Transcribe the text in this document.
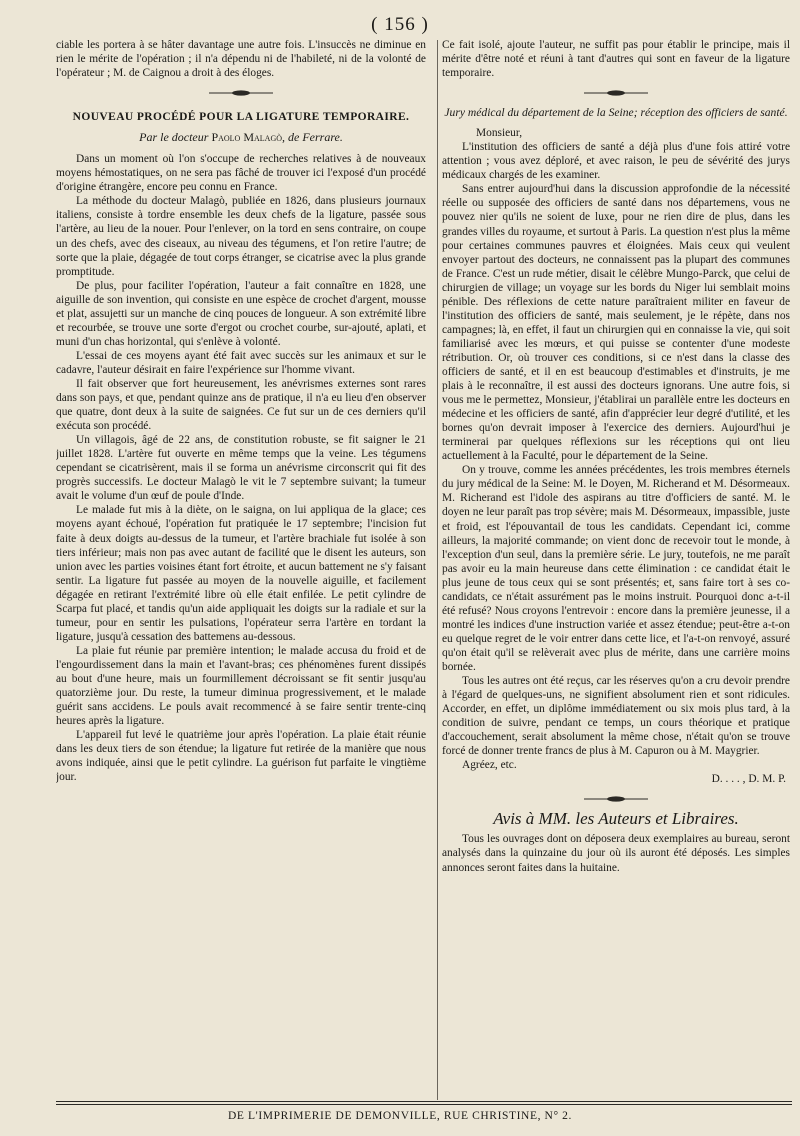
( 156 )

ciable les portera à se hâter davantage une autre fois. L'insuccès ne diminue en rien le mérite de l'opération ; il n'a dépendu ni de l'habileté, ni de la volonté de l'opérateur ; M. de Caignou a droit à des éloges.

NOUVEAU PROCÉDÉ POUR LA LIGATURE TEMPORAIRE.
Par le docteur Paolo Malagò, de Ferrare.

Dans un moment où l'on s'occupe de recherches relatives à de nouveaux moyens hémostatiques, on ne sera pas fâché de trouver ici l'exposé d'un procédé d'origine étrangère, encore peu connu en France.

La méthode du docteur Malagò, publiée en 1826, dans plusieurs journaux italiens, consiste à tordre ensemble les deux chefs de la ligature, passée sous l'artère, au lieu de la nouer. Pour l'enlever, on la tord en sens contraire, on coupe un des chefs, avec des ciseaux, au niveau des tégumens, et l'on retire l'autre; de sorte que la plaie, dégagée de tout corps étranger, se cicatrise avec la plus grande promptitude.

De plus, pour faciliter l'opération, l'auteur a fait connaître en 1828, une aiguille de son invention, qui consiste en une espèce de crochet d'argent, mousse et plat, assujetti sur un manche de cinq pouces de longueur. A son extrémité libre et recourbée, se trouve une sorte d'ergot ou crochet courbe, sur-ajouté, aplati, et muni d'un chas horizontal, qui s'enlève à volonté.

L'essai de ces moyens ayant été fait avec succès sur les animaux et sur le cadavre, l'auteur désirait en faire l'expérience sur l'homme vivant.

Il fait observer que fort heureusement, les anévrismes externes sont rares dans son pays, et que, pendant quinze ans de pratique, il n'a eu lieu d'en observer que quatre, dont deux à la suite de saignées. Ce fut sur un de ces derniers qu'il exécuta son procédé.

Un villagois, âgé de 22 ans, de constitution robuste, se fit saigner le 21 juillet 1828. L'artère fut ouverte en même temps que la veine. Les tégumens cependant se cicatrisèrent, mais il se forma un anévrisme circonscrit qui fit des progrès successifs. Le docteur Malagò le vit le 7 septembre suivant; la tumeur avait le volume d'un œuf de poule d'Inde.

Le malade fut mis à la diète, on le saigna, on lui appliqua de la glace; ces moyens ayant échoué, l'opération fut pratiquée le 17 septembre; l'incision fut faite à deux doigts au-dessus de la tumeur, et l'artère brachiale fut isolée à son tiers inférieur; mais non pas avec autant de facilité que le disent les auteurs, son union avec les parties voisines étant fort étroite, et aucun battement ne s'y faisant sentir. La ligature fut passée au moyen de la nouvelle aiguille, et facilement dégagée en retirant l'extrémité libre où elle était enfilée. Le petit cylindre de Scarpa fut placé, et tandis qu'un aide appliquait les doigts sur la radiale et sur la tumeur, pour en sentir les pulsations, l'opérateur serra l'artère en tordant la ligature, jusqu'à cessation des battemens au-dessous.

La plaie fut réunie par première intention; le malade accusa du froid et de l'engourdissement dans la main et l'avant-bras; ces phénomènes furent dissipés au bout d'une heure, mais un fourmillement décroissant se fit sentir jusqu'au quatorzième jour. Du reste, la tumeur diminua progressivement, et le malade guérit sans accidens. Le pouls avait recommencé à se faire sentir trente-cinq heures après la ligature.

L'appareil fut levé le quatrième jour après l'opération. La plaie était réunie dans les deux tiers de son étendue; la ligature fut retirée de la manière que nous avons indiquée, ainsi que le petit cylindre. La guérison fut parfaite le vingtième jour.

Ce fait isolé, ajoute l'auteur, ne suffit pas pour établir le principe, mais il mérite d'être noté et réuni à tant d'autres qui sont en faveur de la ligature temporaire.

Jury médical du département de la Seine; réception des officiers de santé.

Monsieur,

L'institution des officiers de santé a déjà plus d'une fois attiré votre attention ; vous avez déploré, et avec raison, le peu de sévérité des jurys médicaux chargés de les examiner.

Sans entrer aujourd'hui dans la discussion approfondie de la nécessité réelle ou supposée des officiers de santé dans nos départemens, vous ne pouvez nier qu'ils ne soient de luxe, pour ne rien dire de plus, dans les grandes villes du royaume, et surtout à Paris. La question n'est plus la même pour certaines communes pauvres et éloignées. Mais ceux qui veulent envoyer partout des docteurs, ne connaissent pas la plupart des communes de France. C'est un rude métier, disait le célèbre Mungo-Parck, que celui de chirurgien de village; un voyage sur les bords du Niger lui semblait moins pénible. Des réflexions de cette nature paraîtraient militer en faveur de l'institution des officiers de santé, mais seulement, je le répète, dans nos campagnes; là, en effet, il faut un chirurgien qui en connaisse la vie, qui soit familiarisé avec les mœurs, et qui puisse se contenter d'une modeste rétribution. Or, où trouver ces conditions, si ce n'est dans la classe des officiers de santé, et il en est beaucoup d'estimables et d'instruits, je me plais à le reconnaître, il est aussi des docteurs ignorans. Une autre fois, si vous me le permettez, Monsieur, j'établirai un parallèle entre les docteurs en médecine et les officiers de santé, afin d'apprécier leur degré d'utilité, et les bornes qu'on devrait imposer à l'exercice des derniers. Aujourd'hui je terminerai par quelques réflexions sur les réceptions qui ont lieu actuellement à la Faculté, pour le département de la Seine.

On y trouve, comme les années précédentes, les trois membres éternels du jury médical de la Seine: M. le Doyen, M. Richerand et M. Désormeaux. M. Richerand est l'idole des aspirans au titre d'officiers de santé. M. le doyen ne leur paraît pas trop sévère; mais M. Désormeaux, impassible, juste et froid, est l'épouvantail de tous les candidats. Cependant ici, comme ailleurs, la majorité commande; on vient donc de recevoir tout le monde, à l'exception d'un seul, dans la première série. Le jury, toutefois, ne me paraît pas avoir eu la main heureuse dans cette élimination : ce candidat était le plus jeune de tous ceux qui se sont présentés; et, sans faire tort à ses co-candidats, ce n'était assurément pas le moins instruit. Pourquoi donc a-t-il été refusé? Nous croyons l'entrevoir : encore dans la première jeunesse, il a montré les indices d'une instruction variée et assez étendue; peut-être a-t-on eu quelque regret de le voir entrer dans cette lice, et l'a-t-on renvoyé, assuré qu'on était qu'il se relèverait avec plus de mérite, dans une carrière moins bornée.

Tous les autres ont été reçus, car les réserves qu'on a cru devoir prendre à l'égard de quelques-uns, ne signifient absolument rien et sont ridicules. Accorder, en effet, un diplôme immédiatement ou six mois plus tard, à la condition de suivre, pendant ce temps, un cours théorique et pratique d'accouchement, serait absolument la même chose, n'était qu'on se trouve forcé de donner trente francs de plus à M. Capuron ou à M. Maygrier.

Agréez, etc.

D. . . . , D. M. P.

Avis à MM. les Auteurs et Libraires.

Tous les ouvrages dont on déposera deux exemplaires au bureau, seront analysés dans la quinzaine du jour où ils auront été déposés. Les simples annonces seront faites dans la huitaine.

DE L'IMPRIMERIE DE DEMONVILLE, RUE CHRISTINE, N° 2.
